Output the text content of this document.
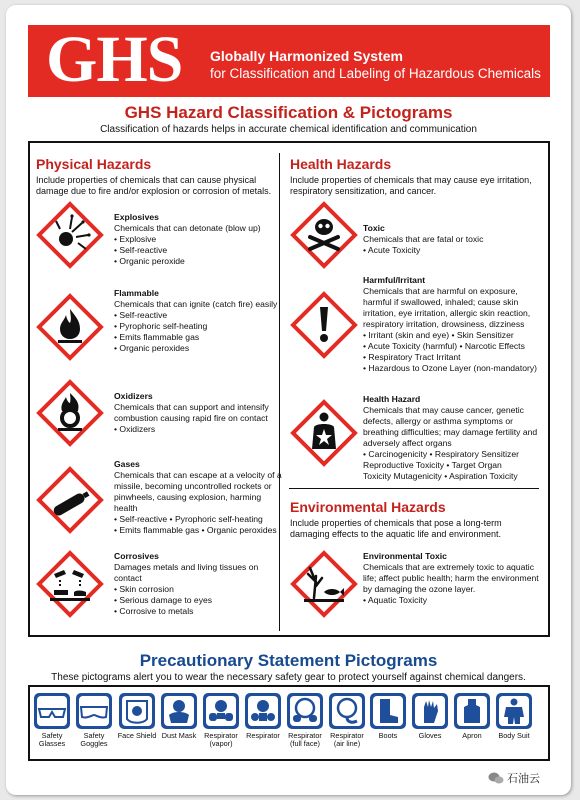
GHS Globally Harmonized System
for Classification and Labeling of Hazardous Chemicals
GHS Hazard Classification & Pictograms
Classification of hazards helps in accurate chemical identification and communication
Physical Hazards
Include properties of chemicals that can cause physical damage due to fire and/or explosion or corrosion of metals.
Explosives
Chemicals that can detonate (blow up)
• Explosive
• Self-reactive
• Organic peroxide
Flammable
Chemicals that can ignite (catch fire) easily
• Self-reactive
• Pyrophoric self-heating
• Emits flammable gas
• Organic peroxides
Oxidizers
Chemicals that can support and intensify combustion causing rapid fire on contact
• Oxidizers
Gases
Chemicals that can escape at a velocity of a missile, becoming uncontrolled rockets or pinwheels, causing explosion, harming health
• Self-reactive • Pyrophoric self-heating
• Emits flammable gas • Organic peroxides
Corrosives
Damages metals and living tissues on contact
• Skin corrosion
• Serious damage to eyes
• Corrosive to metals
Health Hazards
Include properties of chemicals that may cause eye irritation, respiratory sensitization, and cancer.
Toxic
Chemicals that are fatal or toxic
• Acute Toxicity
Harmful/Irritant
Chemicals that are harmful on exposure, harmful if swallowed, inhaled; cause skin irritation, eye irritation, allergic skin reaction, respiratory irritation, drowsiness, dizziness
• Irritant (skin and eye) • Skin Sensitizer
• Acute Toxicity (harmful) • Narcotic Effects
• Respiratory Tract Irritant
• Hazardous to Ozone Layer (non-mandatory)
Health Hazard
Chemicals that may cause cancer, genetic defects, allergy or asthma symptoms or breathing difficulties; may damage fertility and adversely affect organs
• Carcinogenicity • Respiratory Sensitizer
Reproductive Toxicity • Target Organ
Toxicity Mutagenicity • Aspiration Toxicity
Environmental Hazards
Include properties of chemicals that pose a long-term damaging effects to the aquatic life and environment.
Environmental Toxic
Chemicals that are extremely toxic to aquatic life; affect public health; harm the environment by damaging the ozone layer.
• Aquatic Toxicity
Precautionary Statement Pictograms
These pictograms alert you to wear the necessary safety gear to protect yourself against chemical dangers.
Safety Glasses
Safety Goggles
Face Shield Dust Mask	Respirator (vapor)
Respirator	Respirator (full face)
Respirator (air line)
Boots	Gloves	Apron	Body Suit
石油云
